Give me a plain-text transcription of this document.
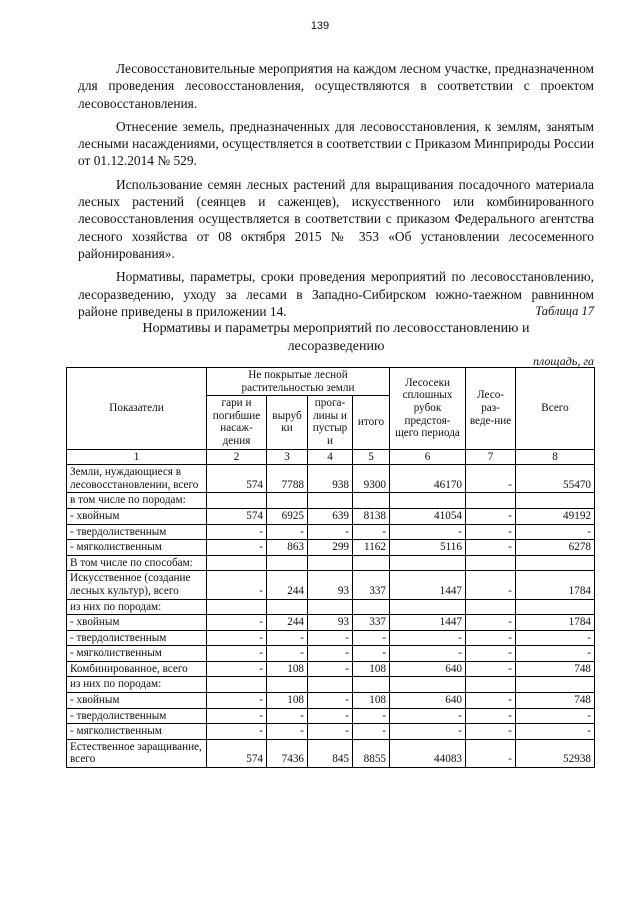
139

Лесовосстановительные мероприятия на каждом лесном участке, предназначенном для проведения лесовосстановления, осуществляются в соответствии с проектом лесовосстановления.

Отнесение земель, предназначенных для лесовосстановления, к землям, занятым лесными насаждениями, осуществляется в соответствии с Приказом Минприроды России от 01.12.2014 № 529.

Использование семян лесных растений для выращивания посадочного материала лесных растений (сеянцев и саженцев), искусственного или комбинированного лесовосстановления осуществляется в соответствии с приказом Федерального агентства лесного хозяйства от 08 октября 2015 № 353 «Об установлении лесосеменного районирования».

Нормативы, параметры, сроки проведения мероприятий по лесовосстановлению, лесоразведению, уходу за лесами в Западно-Сибирском южно-таежном равнинном районе приведены в приложении 14.	Таблица 17
Нормативы и параметры мероприятий по лесовосстановлению и
лесоразведению
площадь, га
Показатели	Не покрытые лесной растительностью земли				Лесосеки сплошных рубок предстоя-щего периода	Лесо-раз-веде-ние	Всего
	гари и погибшие насаж-дения	выруб ки	прога-лины и пустыр и	итого			
1	2	3	4	5	6	7	8
Земли, нуждающиеся в лесовосстановлении, всего	574	7788	938	9300	46170	-	55470
в том числе по породам:							
- хвойным	574	6925	639	8138	41054	-	49192
- твердолиственным	-	-	-	-	-	-	-
- мягколиственным	-	863	299	1162	5116	-	6278
В том числе по способам:							
Искусственное (создание лесных культур), всего	-	244	93	337	1447	-	1784
из них по породам:							
- хвойным	-	244	93	337	1447	-	1784
- твердолиственным	-	-	-	-	-	-	-
- мягколиственным	-	-	-	-	-	-	-
Комбинированное, всего	-	108	-	108	640	-	748
из них по породам:							
- хвойным	-	108	-	108	640	-	748
- твердолиственным	-	-	-	-	-	-	-
- мягколиственным	-	-	-	-	-	-	-
Естественное заращивание, всего	574	7436	845	8855	44083	-	52938
